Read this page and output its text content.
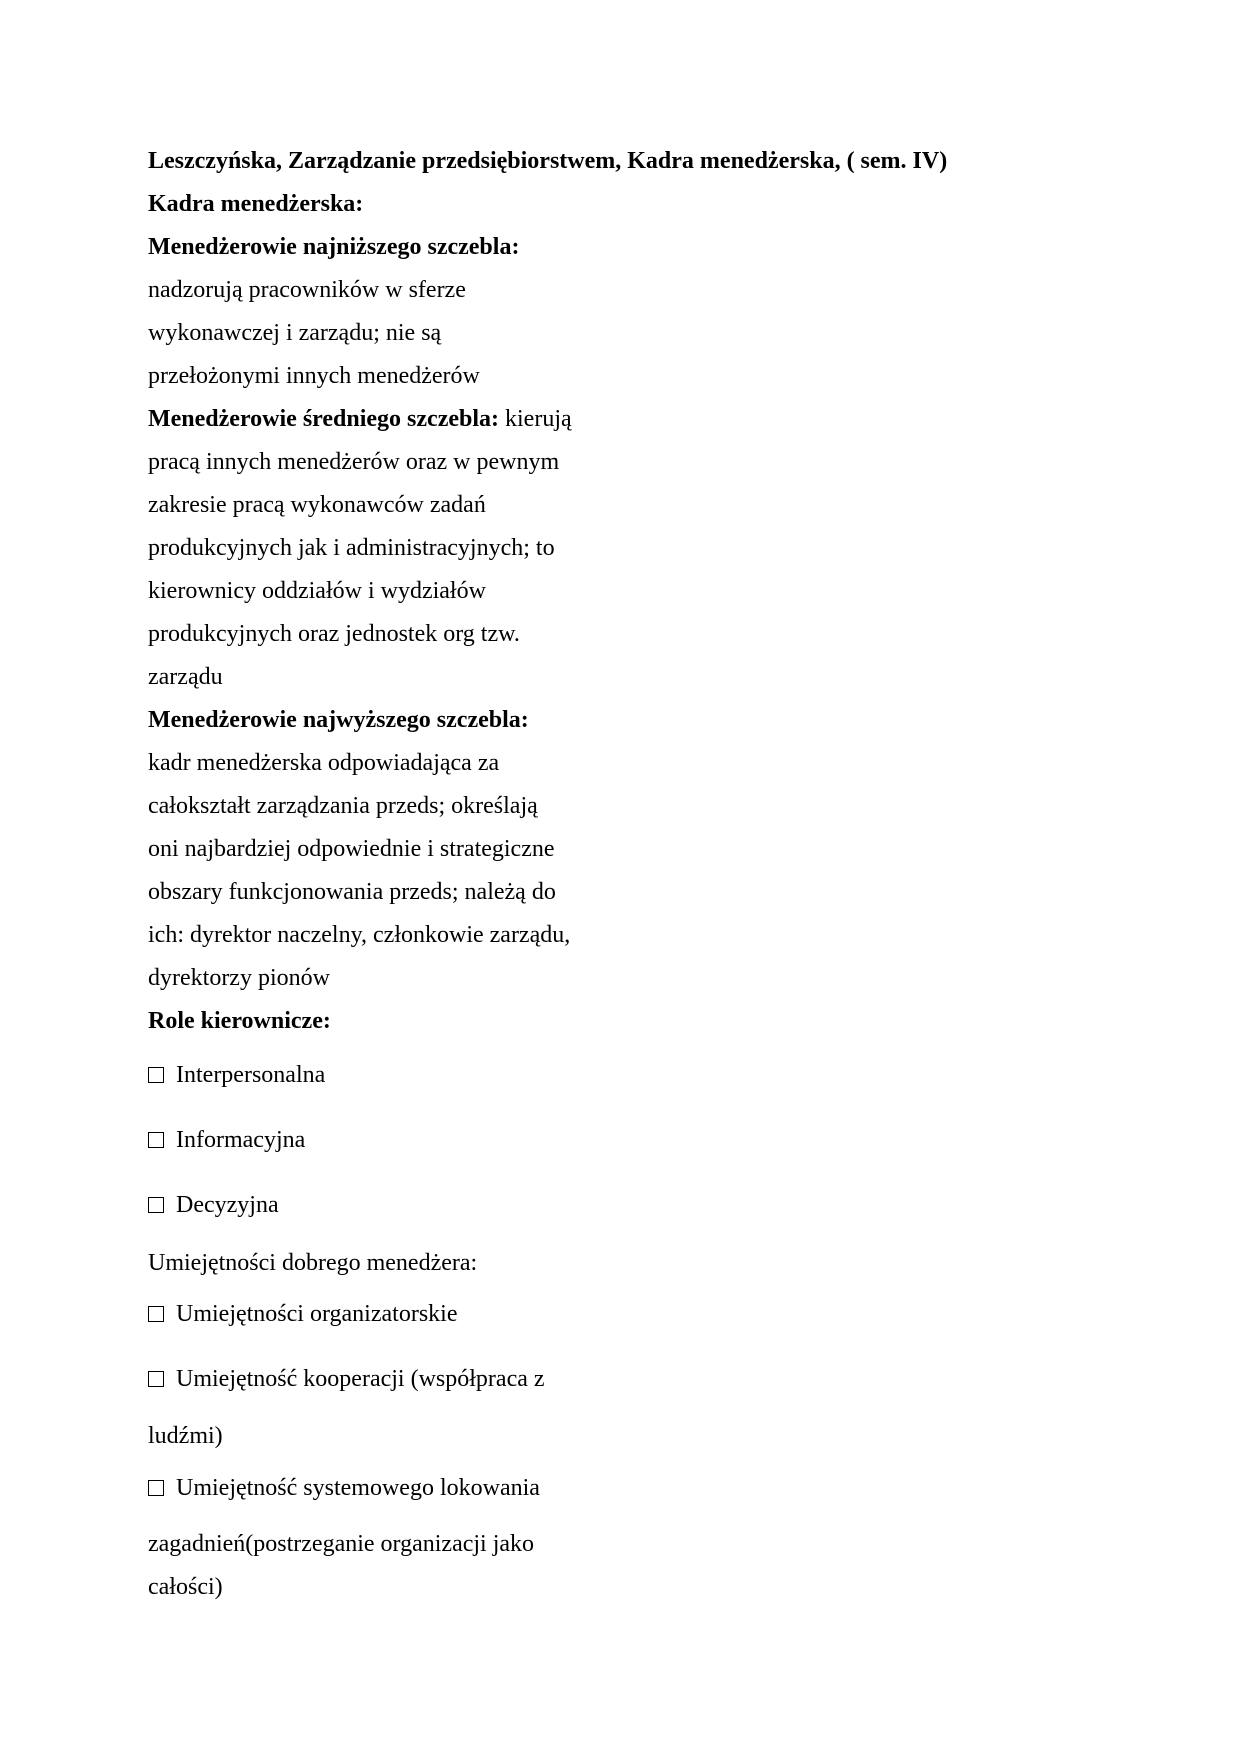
Leszczyńska, Zarządzanie przedsiębiorstwem, Kadra menedżerska, ( sem. IV)
Kadra menedżerska:
Menedżerowie najniższego szczebla:
nadzorują pracowników w sferze
wykonawczej i zarządu; nie są
przełożonymi innych menedżerów
Menedżerowie średniego szczebla: kierują
pracą innych menedżerów oraz w pewnym
zakresie pracą wykonawców zadań
produkcyjnych jak i administracyjnych; to
kierownicy oddziałów i wydziałów
produkcyjnych oraz jednostek org tzw.
zarządu
Menedżerowie najwyższego szczebla:
kadr menedżerska odpowiadająca za
całokształt zarządzania przeds; określają
oni najbardziej odpowiednie i strategiczne
obszary funkcjonowania przeds; należą do
ich: dyrektor naczelny, członkowie zarządu,
dyrektorzy pionów
Role kierownicze:
Interpersonalna
Informacyjna
Decyzyjna
Umiejętności dobrego menedżera:
Umiejętności organizatorskie
Umiejętność kooperacji (współpraca z
ludźmi)
Umiejętność systemowego lokowania
zagadnień(postrzeganie organizacji jako
całości)
